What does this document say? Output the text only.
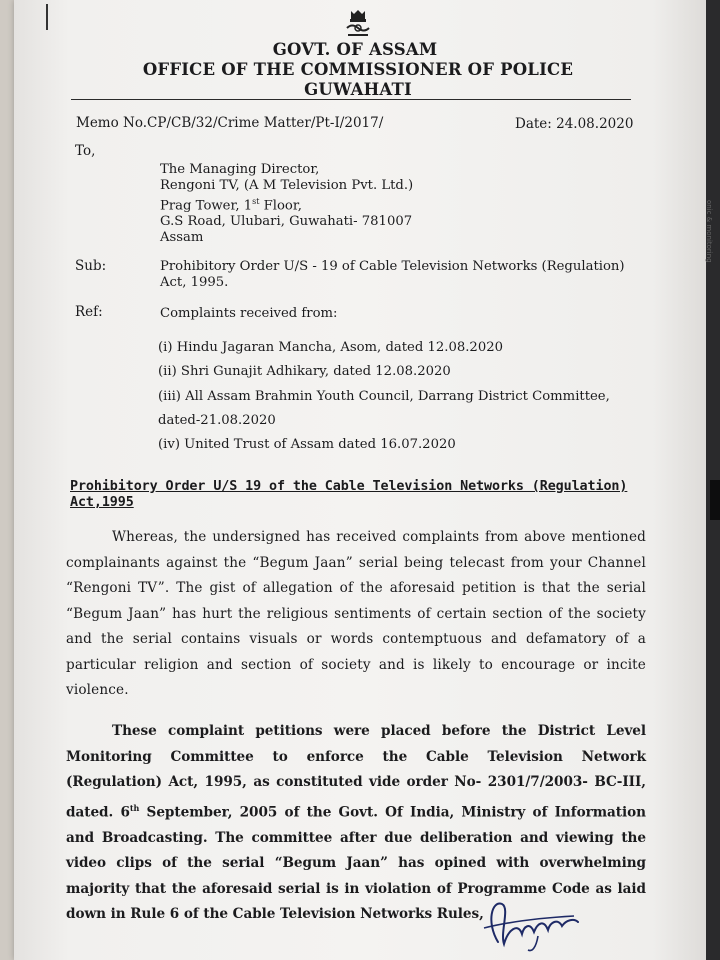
onic & monitoring
GOVT. OF ASSAM
OFFICE OF THE COMMISSIONER OF POLICE
GUWAHATI
Memo No.CP/CB/32/Crime Matter/Pt-I/2017/	Date: 24.08.2020
To,
The Managing Director,
Rengoni TV, (A M Television Pvt. Ltd.)
Prag Tower, 1st Floor,
G.S Road, Ulubari, Guwahati- 781007
Assam
Sub:	Prohibitory Order U/S - 19 of Cable Television Networks (Regulation) Act, 1995.
Ref:	Complaints received from:
(i) Hindu Jagaran Mancha, Asom, dated 12.08.2020
(ii) Shri Gunajit Adhikary, dated 12.08.2020
(iii) All Assam Brahmin Youth Council, Darrang District Committee,
dated-21.08.2020
(iv) United Trust of Assam dated 16.07.2020
Prohibitory Order U/S 19 of the Cable Television Networks (Regulation) Act,1995
Whereas, the undersigned has received complaints from above mentioned complainants against the “Begum Jaan” serial being telecast from your Channel “Rengoni TV”. The gist of allegation of the aforesaid petition is that the serial “Begum Jaan” has hurt the religious sentiments of certain section of the society and the serial contains visuals or words contemptuous and defamatory of a particular religion and section of society and is likely to encourage or incite violence.
These complaint petitions were placed before the District Level Monitoring Committee to enforce the Cable Television Network (Regulation) Act, 1995, as constituted vide order No- 2301/7/2003- BC-III, dated. 6th September, 2005 of the Govt. Of India, Ministry of Information and Broadcasting. The committee after due deliberation and viewing the video clips of the serial “Begum Jaan” has opined with overwhelming majority that the aforesaid serial is in violation of Programme Code as laid down in Rule 6 of the Cable Television Networks Rules,
